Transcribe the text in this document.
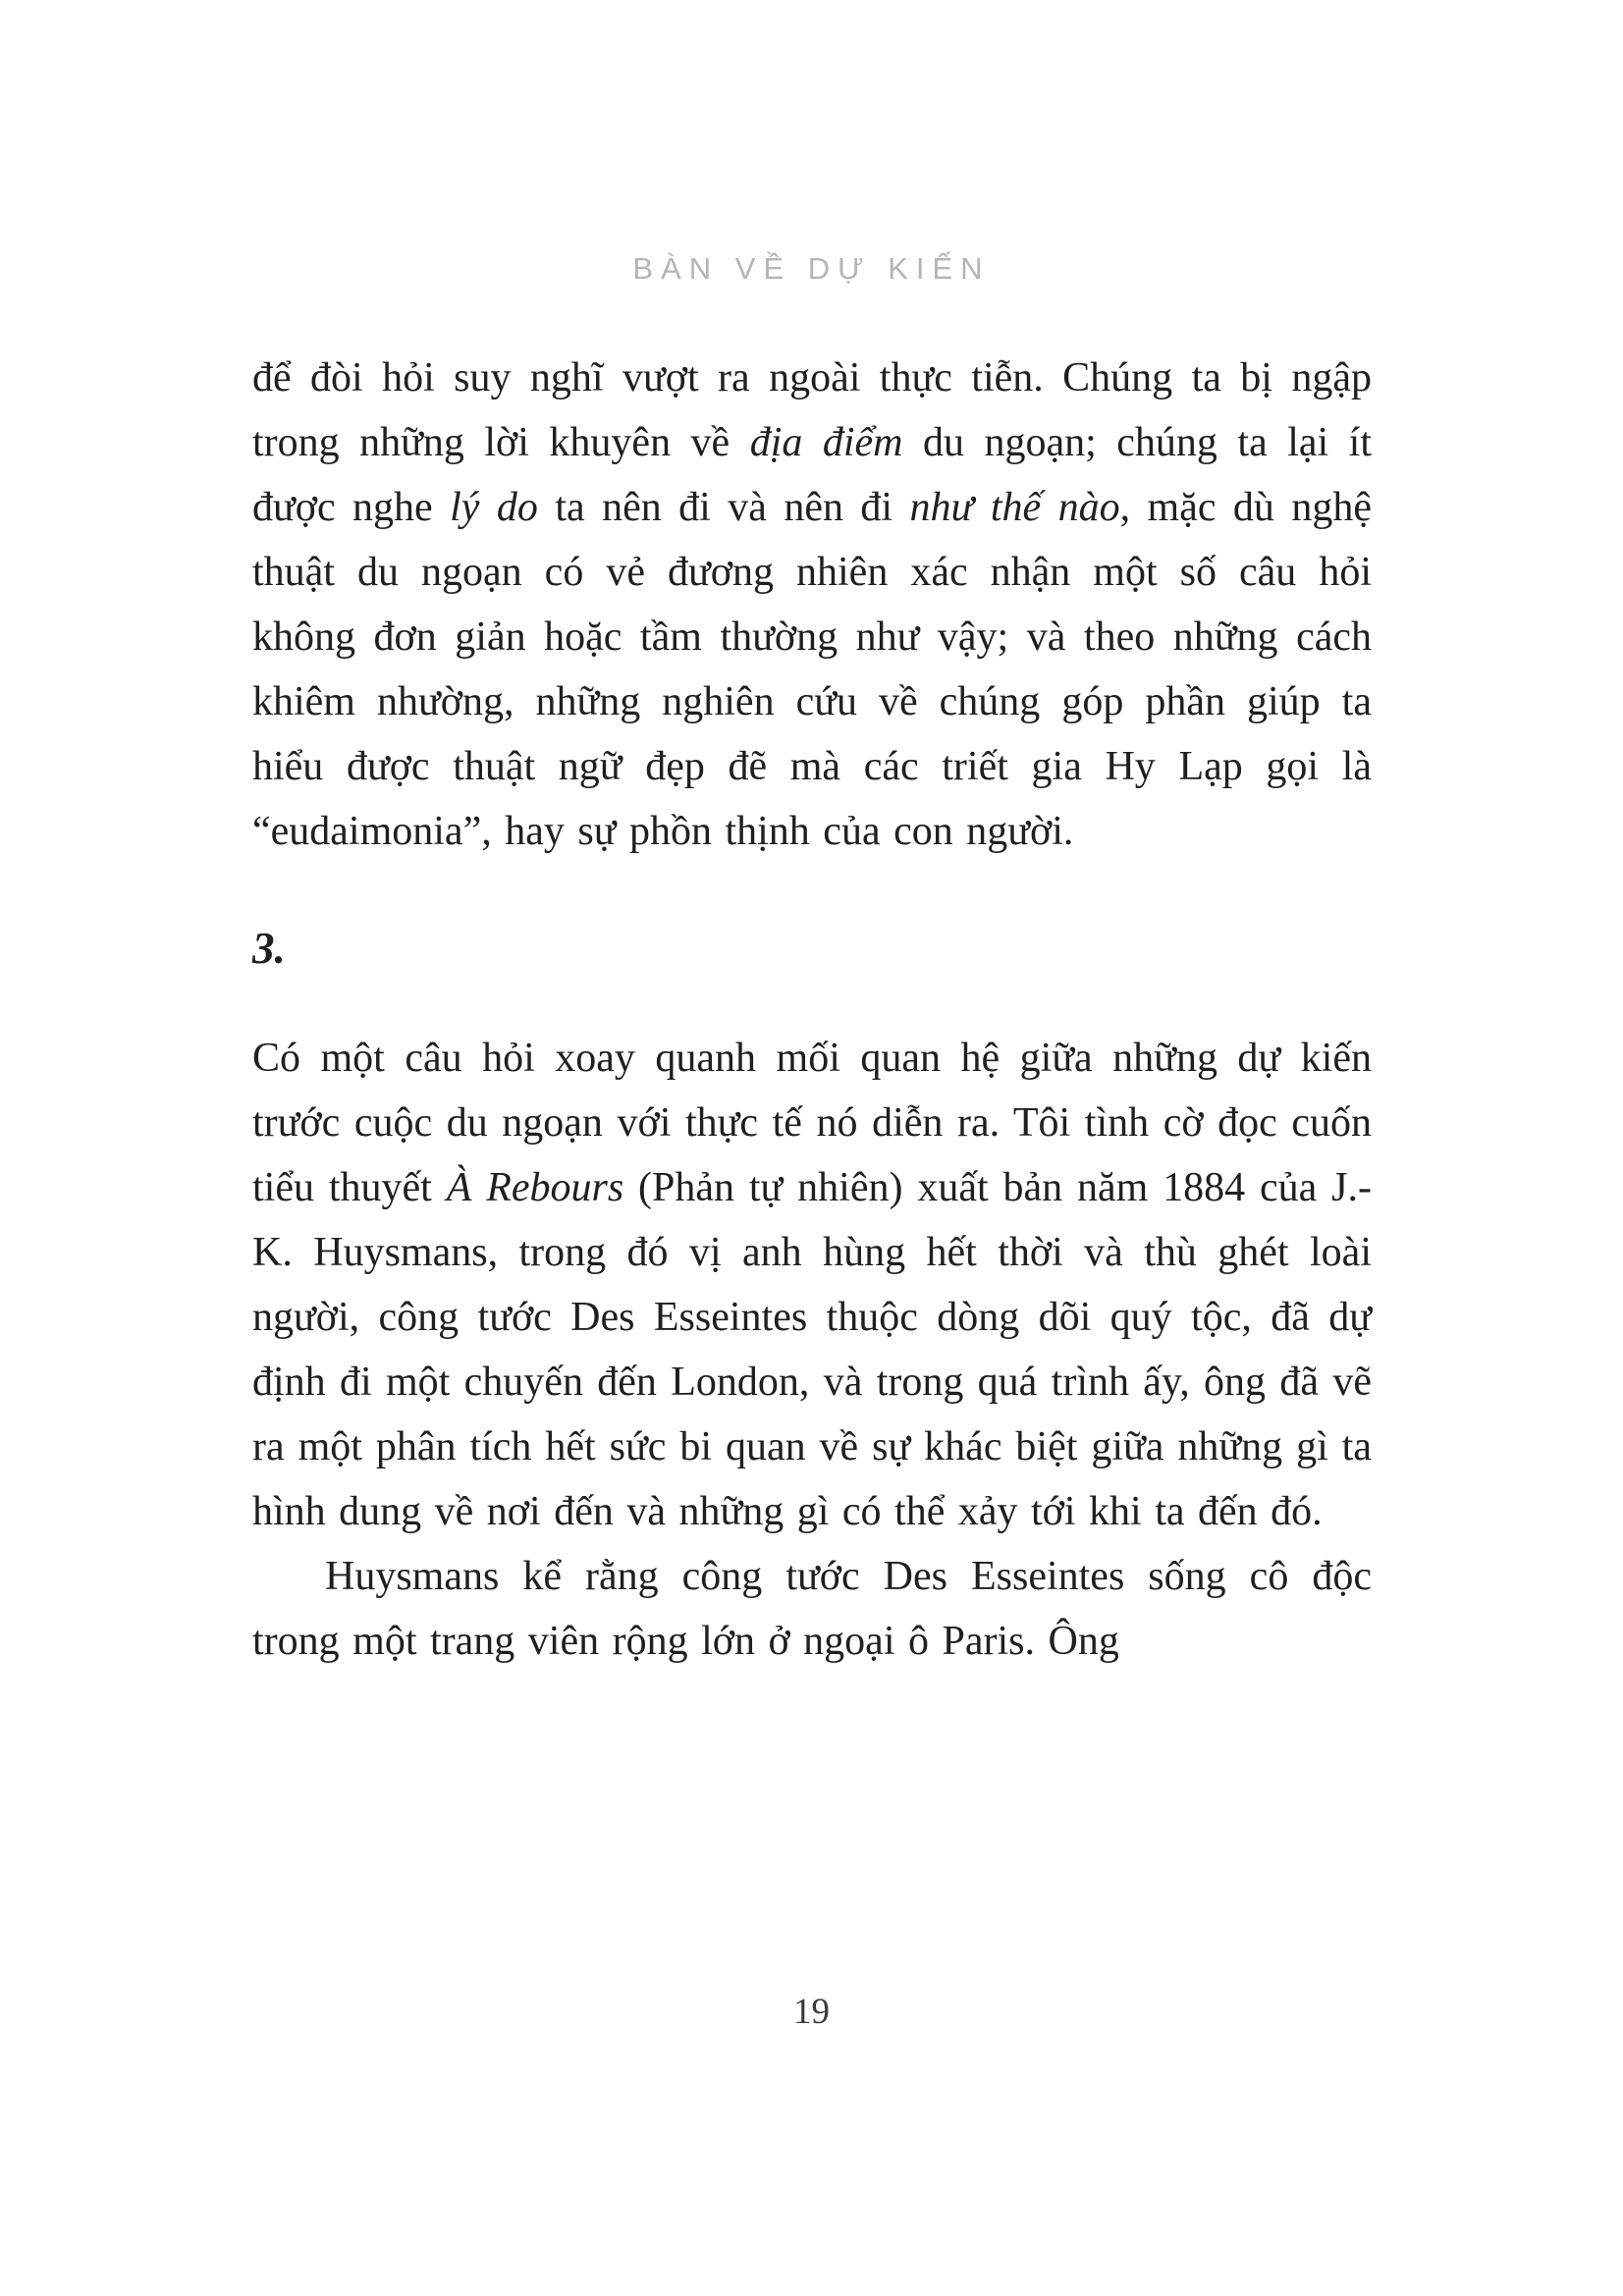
BÀN VỀ DỰ KIẾN

để đòi hỏi suy nghĩ vượt ra ngoài thực tiễn. Chúng ta bị ngập trong những lời khuyên về địa điểm du ngoạn; chúng ta lại ít được nghe lý do ta nên đi và nên đi như thế nào, mặc dù nghệ thuật du ngoạn có vẻ đương nhiên xác nhận một số câu hỏi không đơn giản hoặc tầm thường như vậy; và theo những cách khiêm nhường, những nghiên cứu về chúng góp phần giúp ta hiểu được thuật ngữ đẹp đẽ mà các triết gia Hy Lạp gọi là “eudaimonia”, hay sự phồn thịnh của con người.

3.

Có một câu hỏi xoay quanh mối quan hệ giữa những dự kiến trước cuộc du ngoạn với thực tế nó diễn ra. Tôi tình cờ đọc cuốn tiểu thuyết À Rebours (Phản tự nhiên) xuất bản năm 1884 của J.-K. Huysmans, trong đó vị anh hùng hết thời và thù ghét loài người, công tước Des Esseintes thuộc dòng dõi quý tộc, đã dự định đi một chuyến đến London, và trong quá trình ấy, ông đã vẽ ra một phân tích hết sức bi quan về sự khác biệt giữa những gì ta hình dung về nơi đến và những gì có thể xảy tới khi ta đến đó.

Huysmans kể rằng công tước Des Esseintes sống cô độc trong một trang viên rộng lớn ở ngoại ô Paris. Ông

19
